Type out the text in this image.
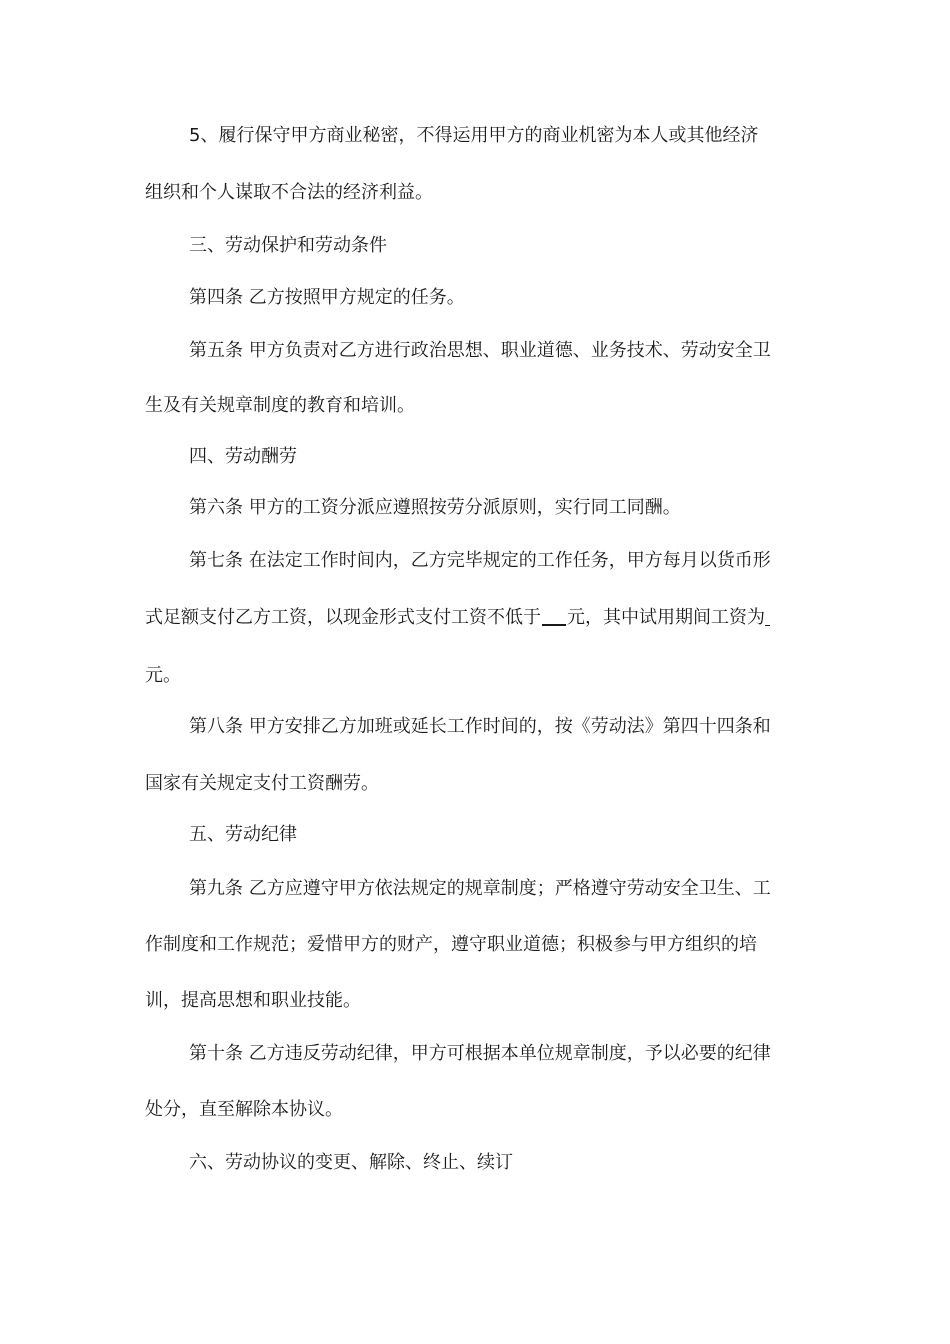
5、履行保守甲方商业秘密，不得运用甲方的商业机密为本人或其他经济
组织和个人谋取不合法的经济利益。
三、劳动保护和劳动条件
第四条 乙方按照甲方规定的任务。
第五条 甲方负责对乙方进行政治思想、职业道德、业务技术、劳动安全卫
生及有关规章制度的教育和培训。
四、劳动酬劳
第六条 甲方的工资分派应遵照按劳分派原则，实行同工同酬。
第七条 在法定工作时间内，乙方完毕规定的工作任务，甲方每月以货币形
式足额支付乙方工资，以现金形式支付工资不低于 元，其中试用期间工资为
元。
第八条 甲方安排乙方加班或延长工作时间的，按《劳动法》第四十四条和
国家有关规定支付工资酬劳。
五、劳动纪律
第九条 乙方应遵守甲方依法规定的规章制度；严格遵守劳动安全卫生、工
作制度和工作规范；爱惜甲方的财产，遵守职业道德；积极参与甲方组织的培
训，提高思想和职业技能。
第十条 乙方违反劳动纪律，甲方可根据本单位规章制度，予以必要的纪律
处分，直至解除本协议。
六、劳动协议的变更、解除、终止、续订
